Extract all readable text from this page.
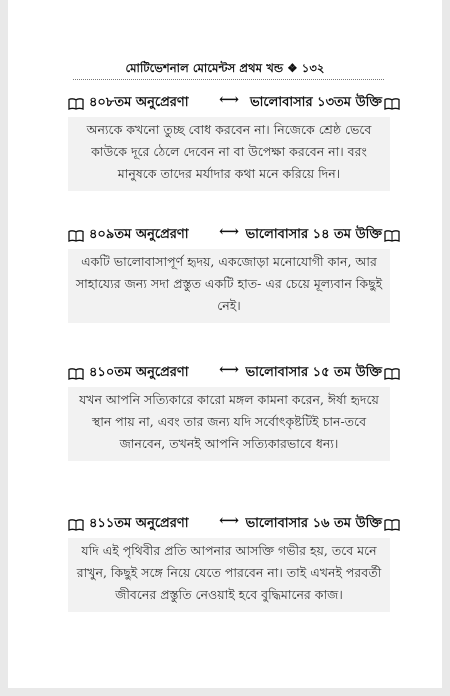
মোটিভেশনাল মোমেন্টস প্রথম খন্ড ❖ ১৩২
৪০৮তম অনুপ্রেরণা ⟷ ভালোবাসার ১৩তম উক্তি
অন্যকে কখনো তুচ্ছ বোধ করবেন না। নিজেকে শ্রেষ্ঠ ভেবে
কাউকে দূরে ঠেলে দেবেন না বা উপেক্ষা করবেন না। বরং
মানুষকে তাদের মর্যাদার কথা মনে করিয়ে দিন।
৪০৯তম অনুপ্রেরণা ⟷ ভালোবাসার ১৪ তম উক্তি
একটি ভালোবাসাপূর্ণ হৃদয়, একজোড়া মনোযোগী কান, আর
সাহায্যের জন্য সদা প্রস্তুত একটি হাত- এর চেয়ে মূল্যবান কিছুই
নেই।
৪১০তম অনুপ্রেরণা ⟷ ভালোবাসার ১৫ তম উক্তি
যখন আপনি সত্যিকারে কারো মঙ্গল কামনা করেন, ঈর্ষা হৃদয়ে
স্থান পায় না, এবং তার জন্য যদি সর্বোৎকৃষ্টটিই চান-তবে
জানবেন, তখনই আপনি সত্যিকারভাবে ধন্য।
৪১১তম অনুপ্রেরণা ⟷ ভালোবাসার ১৬ তম উক্তি
যদি এই পৃথিবীর প্রতি আপনার আসক্তি গভীর হয়, তবে মনে
রাখুন, কিছুই সঙ্গে নিয়ে যেতে পারবেন না। তাই এখনই পরবর্তী
জীবনের প্রস্তুতি নেওয়াই হবে বুদ্ধিমানের কাজ।
